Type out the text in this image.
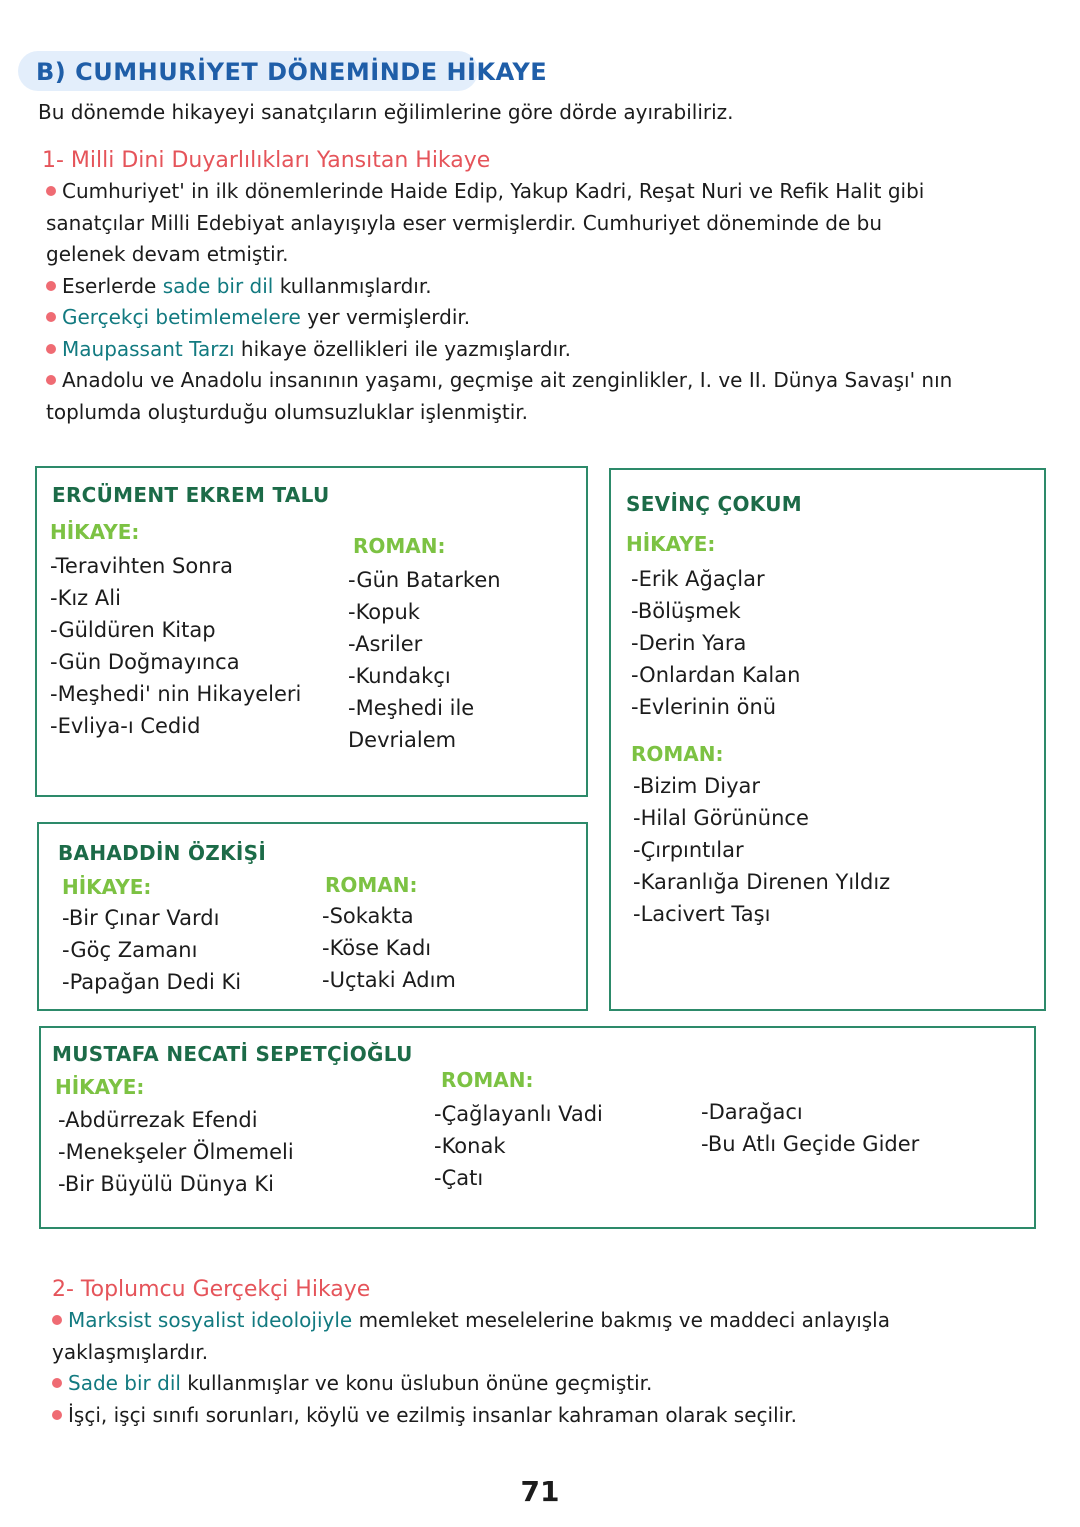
B) CUMHURİYET DÖNEMİNDE HİKAYE
Bu dönemde hikayeyi sanatçıların eğilimlerine göre dörde ayırabiliriz.
1- Milli Dini Duyarlılıkları Yansıtan Hikaye

Cumhuriyet' in ilk dönemlerinde Haide Edip, Yakup Kadri, Reşat Nuri ve Refik Halit gibi

sanatçılar Milli Edebiyat anlayışıyla eser vermişlerdir. Cumhuriyet döneminde de bu

gelenek devam etmiştir.

Eserlerde sade bir dil kullanmışlardır.

Gerçekçi betimlemelere yer vermişlerdir.

Maupassant Tarzı hikaye özellikleri ile yazmışlardır.

Anadolu ve Anadolu insanının yaşamı, geçmişe ait zenginlikler, I. ve II. Dünya Savaşı' nın

toplumda oluşturduğu olumsuzluklar işlenmiştir.

ERCÜMENT EKREM TALU
HİKAYE:
-Teravihten Sonra
-Kız Ali
-Güldüren Kitap
-Gün Doğmayınca
-Meşhedi' nin Hikayeleri
-Evliya-ı Cedid
ROMAN:
-Gün Batarken
-Kopuk
-Asriler
-Kundakçı
-Meşhedi ile
Devrialem
SEVİNÇ ÇOKUM
HİKAYE:
-Erik Ağaçlar
-Bölüşmek
-Derin Yara
-Onlardan Kalan
-Evlerinin önü
ROMAN:
-Bizim Diyar
-Hilal Görününce
-Çırpıntılar
-Karanlığa Direnen Yıldız
-Lacivert Taşı
BAHADDİN ÖZKİŞİ
HİKAYE:
-Bir Çınar Vardı
-Göç Zamanı
-Papağan Dedi Ki
ROMAN:
-Sokakta
-Köse Kadı
-Uçtaki Adım
MUSTAFA NECATİ SEPETÇİOĞLU
HİKAYE:
-Abdürrezak Efendi
-Menekşeler Ölmemeli
-Bir Büyülü Dünya Ki
ROMAN:
-Çağlayanlı Vadi
-Konak
-Çatı
-Darağacı
-Bu Atlı Geçide Gider
2- Toplumcu Gerçekçi Hikaye

Marksist sosyalist ideolojiyle memleket meselelerine bakmış ve maddeci anlayışla

yaklaşmışlardır.

Sade bir dil kullanmışlar ve konu üslubun önüne geçmiştir.

İşçi, işçi sınıfı sorunları, köylü ve ezilmiş insanlar kahraman olarak seçilir.

71
